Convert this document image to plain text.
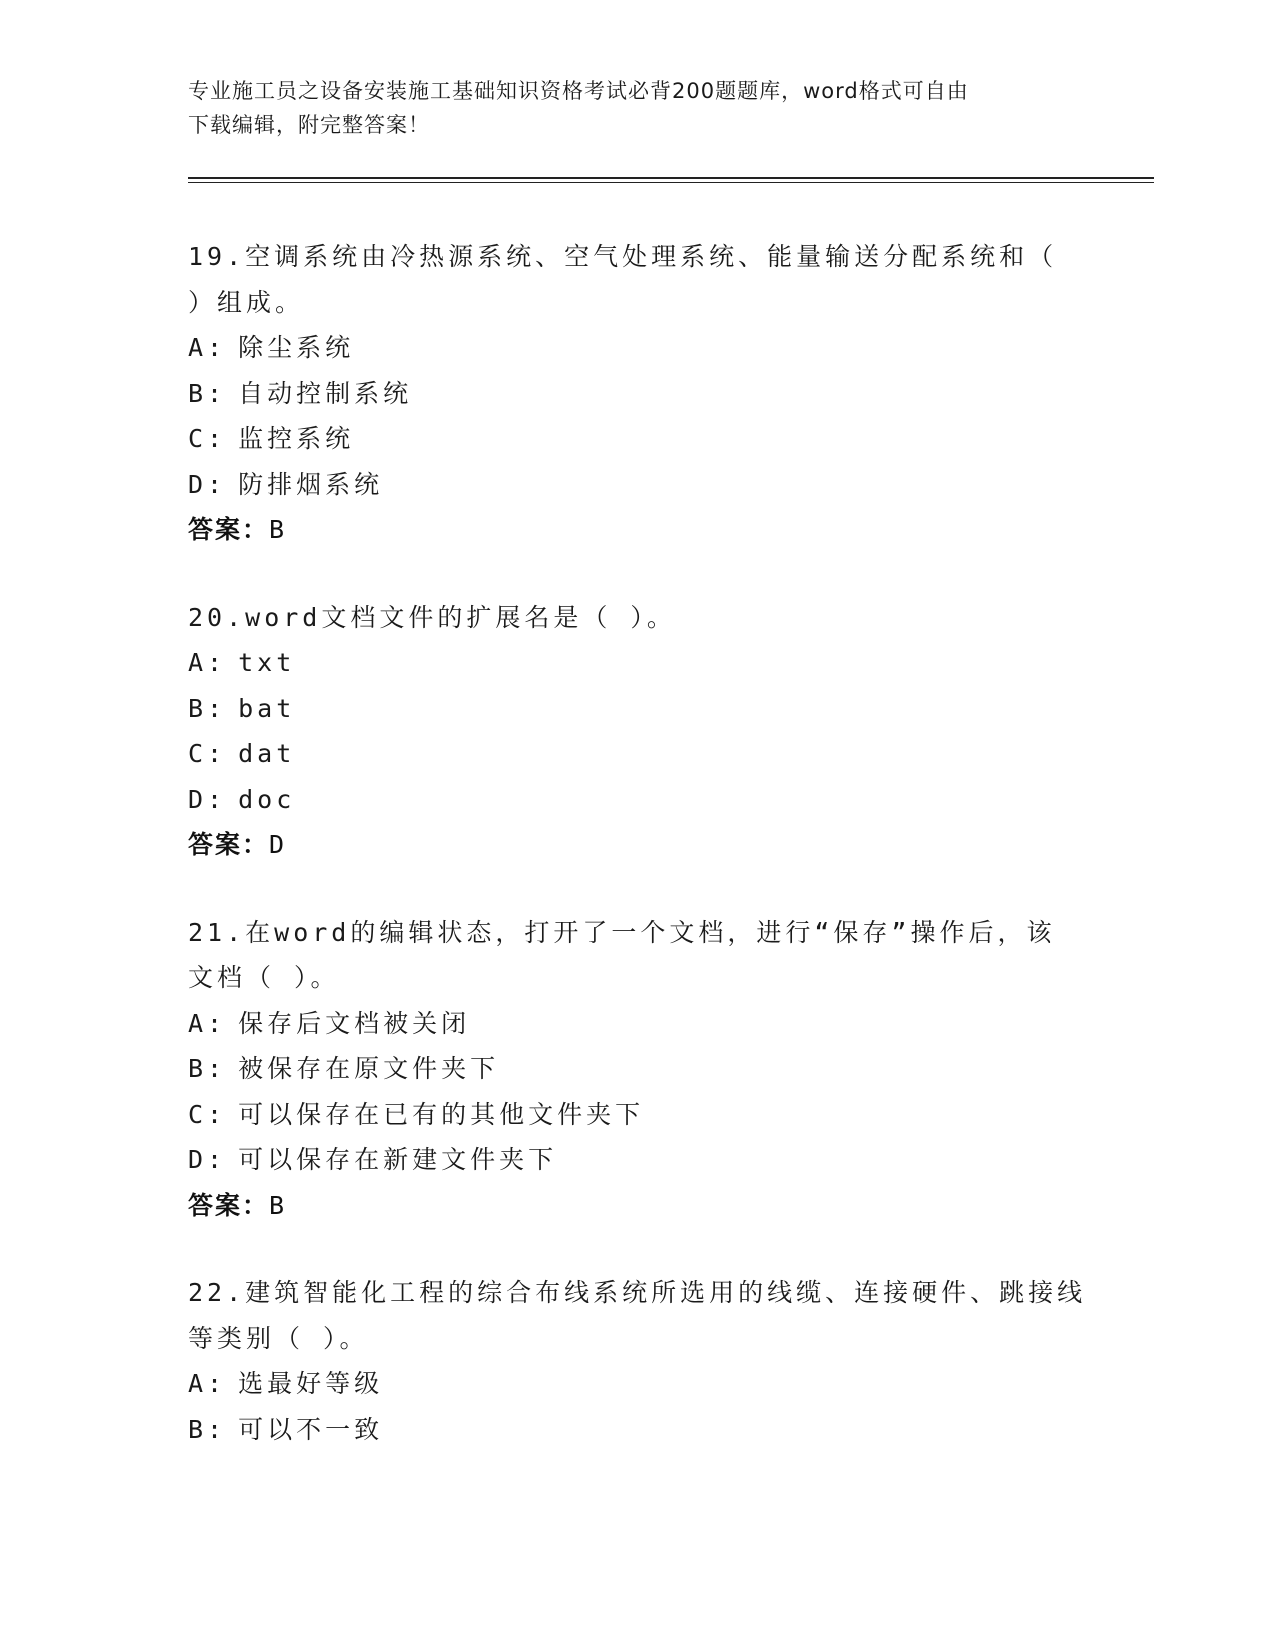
专业施工员之设备安装施工基础知识资格考试必背200题题库，word格式可自由
下载编辑，附完整答案！
19.空调系统由冷热源系统、空气处理系统、能量输送分配系统和（
）组成。
A: 除尘系统
B: 自动控制系统
C: 监控系统
D: 防排烟系统
答案：B
20.word文档文件的扩展名是（ ）。
A: txt
B: bat
C: dat
D: doc
答案：D
21.在word的编辑状态，打开了一个文档，进行“保存”操作后，该
文档（ ）。
A: 保存后文档被关闭
B: 被保存在原文件夹下
C: 可以保存在已有的其他文件夹下
D: 可以保存在新建文件夹下
答案：B
22.建筑智能化工程的综合布线系统所选用的线缆、连接硬件、跳接线
等类别（ ）。
A: 选最好等级
B: 可以不一致
